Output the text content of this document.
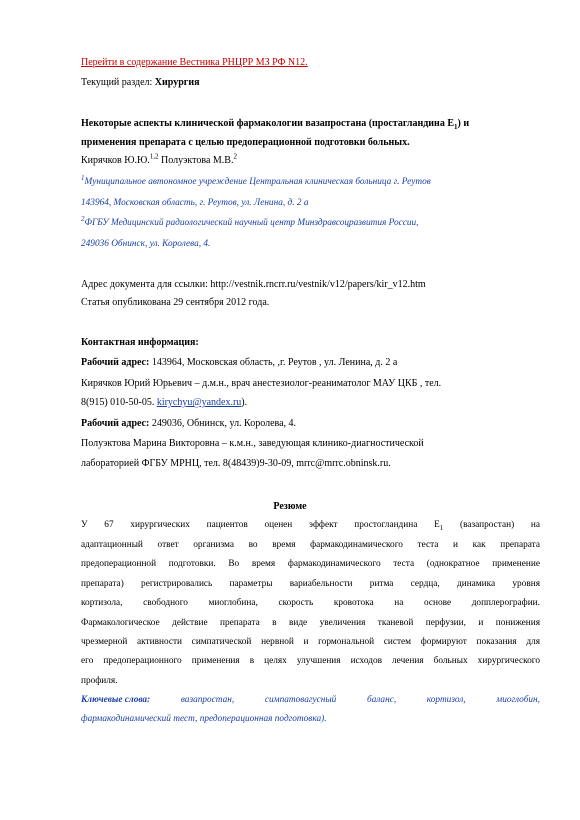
Перейти в содержание Вестника РНЦРР МЗ РФ N12.
Текущий раздел: Хирургия
Некоторые аспекты клинической фармакологии вазапростана (простагландина $Е_1$) и
применения препарата с целью предоперационной подготовки больных.
Кирячков Ю.Ю.$^{1,2}$ Полуэктова М.В.$^2$
$^1$Муниципальное автономное учреждение Центральная клиническая больница г. Реутов
143964, Московская область, г. Реутов, ул. Ленина, д. 2 а
$^2$ФГБУ Медицинский радиологический научный центр Минздравсоцразвития России,
249036 Обнинск, ул. Королева, 4.
Адрес документа для ссылки: http://vestnik.rncrr.ru/vestnik/v12/papers/kir_v12.htm
Статья опубликована 29 сентября 2012 года.
Контактная информация:
Рабочий адрес: 143964, Московская область, ,г. Реутов , ул. Ленина, д. 2 а
Кирячков Юрий Юрьевич – д.м.н., врач анестезиолог-реаниматолог МАУ ЦКБ , тел.
8(915) 010-50-05. kirychyu@yandex.ru).
Рабочий адрес: 249036, Обнинск, ул. Королева, 4.
Полуэктова Марина Викторовна – к.м.н., заведующая клинико-диагностической
лабораторией ФГБУ МРНЦ, тел. 8(48439)9-30-09, mrrc@mrrc.obninsk.ru.
Резюме
У 67 хирургических пациентов оценен эффект простогландина $Е_1$ (вазапростан) на
адаптационный ответ организма во время фармакодинамического теста и как препарата
предоперационной подготовки. Во время фармакодинамического теста (однократное применение
препарата) регистрировались параметры вариабельности ритма сердца, динамика уровня
кортизола, свободного миоглобина, скорость кровотока на основе допплерографии.
Фармакологическое действие препарата в виде увеличения тканевой перфузии, и понижения
чрезмерной активности симпатической нервной и гормональной систем формируют показания для
его предоперационного применения в целях улучшения исходов лечения больных хирургического
профиля.
Ключевые слова:	вазапростан,	симпатовагусный	баланс,	кортизол,	миоглобин,
фармакодинамический тест, предоперационная подготовка).
